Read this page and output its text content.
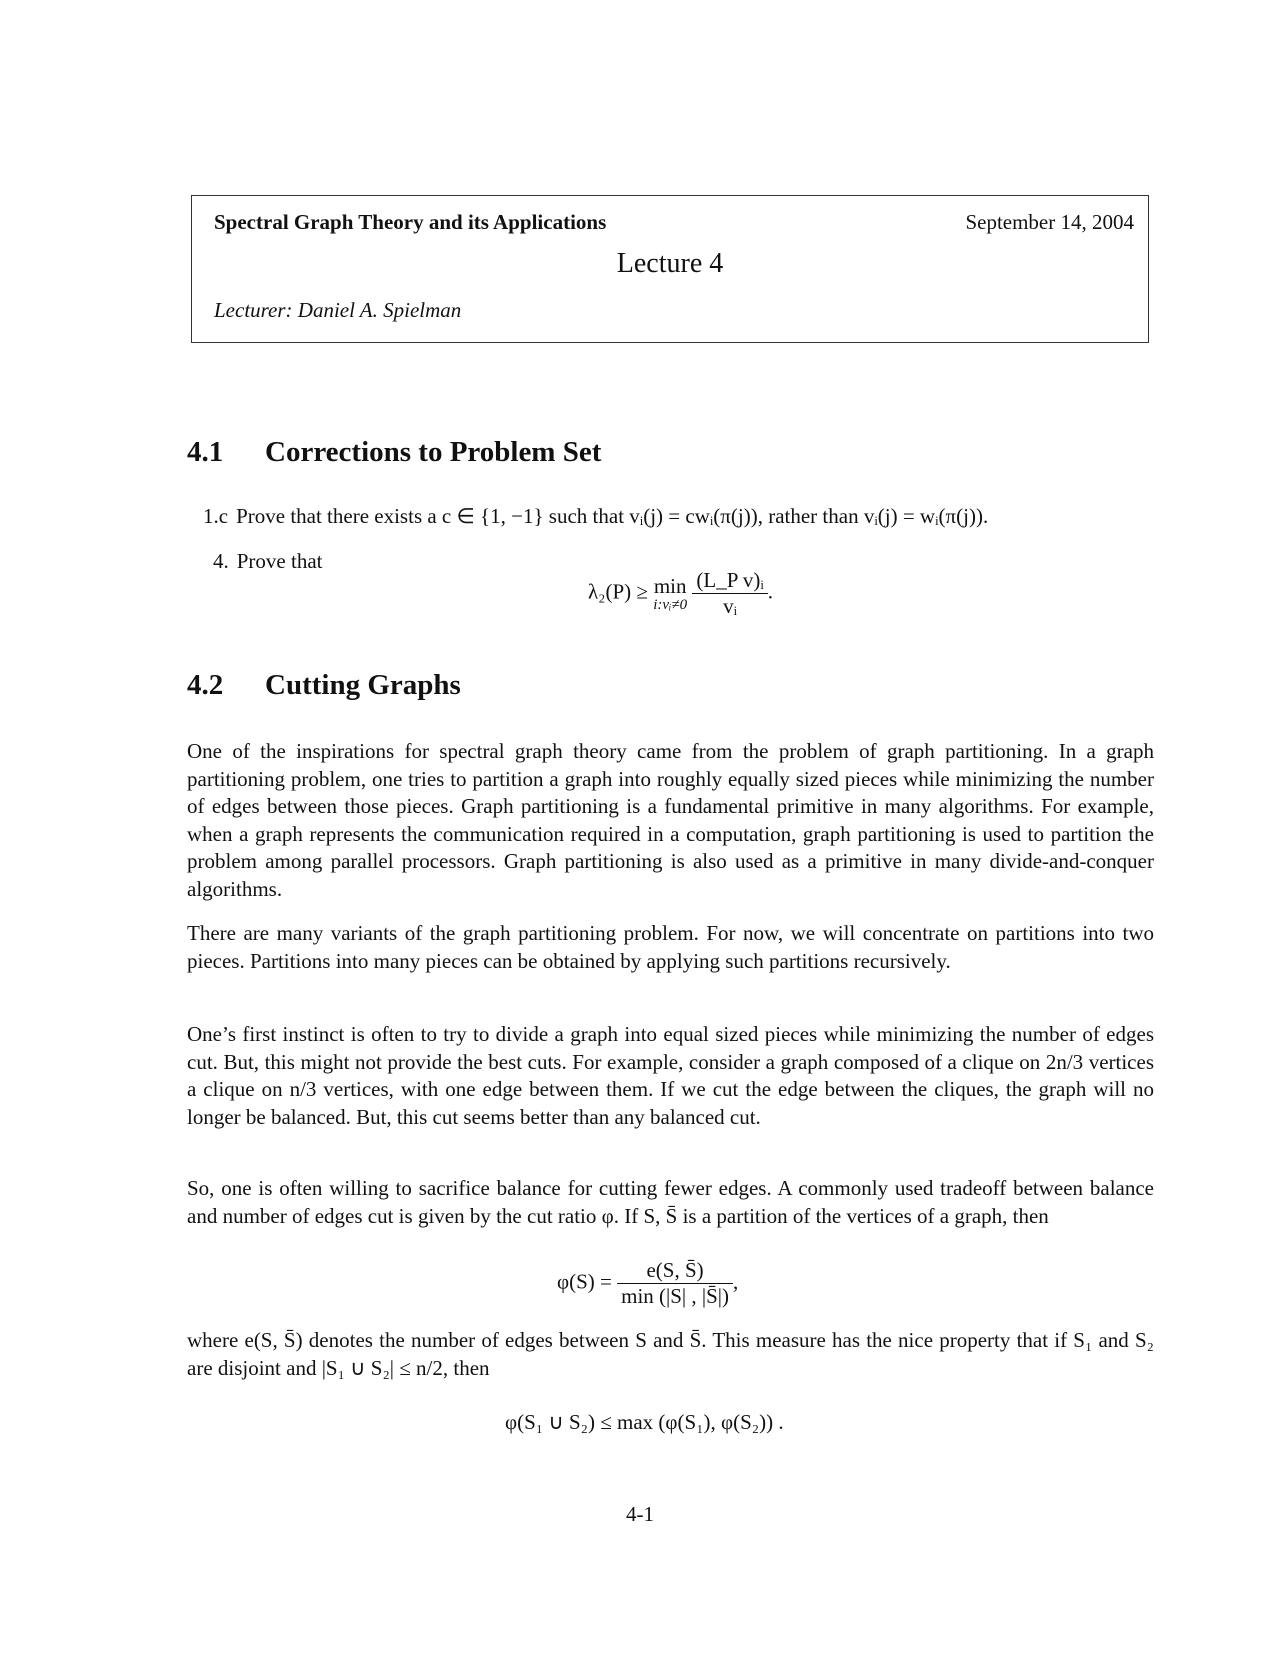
Spectral Graph Theory and its Applications	September 14, 2004
Lecture 4
Lecturer: Daniel A. Spielman
4.1 Corrections to Problem Set
1.c Prove that there exists a c ∈ {1, −1} such that vᵢ(j) = cwᵢ(π(j)), rather than vᵢ(j) = wᵢ(π(j)).
4. Prove that
λ₂(P) ≥ min
i:vᵢ≠0
$\frac{\text{(L\_P v)ᵢ}}{\text{vᵢ}}$ .
4.2 Cutting Graphs
One of the inspirations for spectral graph theory came from the problem of graph partitioning. In a graph partitioning problem, one tries to partition a graph into roughly equally sized pieces while minimizing the number of edges between those pieces. Graph partitioning is a fundamental primitive in many algorithms. For example, when a graph represents the communication required in a computation, graph partitioning is used to partition the problem among parallel processors. Graph partitioning is also used as a primitive in many divide-and-conquer algorithms.
There are many variants of the graph partitioning problem. For now, we will concentrate on partitions into two pieces. Partitions into many pieces can be obtained by applying such partitions recursively.
One’s first instinct is often to try to divide a graph into equal sized pieces while minimizing the number of edges cut. But, this might not provide the best cuts. For example, consider a graph composed of a clique on 2n/3 vertices a clique on n/3 vertices, with one edge between them. If we cut the edge between the cliques, the graph will no longer be balanced. But, this cut seems better than any balanced cut.
So, one is often willing to sacrifice balance for cutting fewer edges. A commonly used tradeoff between balance and number of edges cut is given by the cut ratio φ. If S, S̄ is a partition of the vertices of a graph, then
$\varphi(S) = \frac{e(S, S̄)}{\min (|S| , |S̄|)}$ ,
where e(S, S̄) denotes the number of edges between S and S̄. This measure has the nice property that if S₁ and S₂ are disjoint and |S₁ ∪ S₂| ≤ n/2, then
φ(S₁ ∪ S₂) ≤ max (φ(S₁), φ(S₂)) .
4-1
